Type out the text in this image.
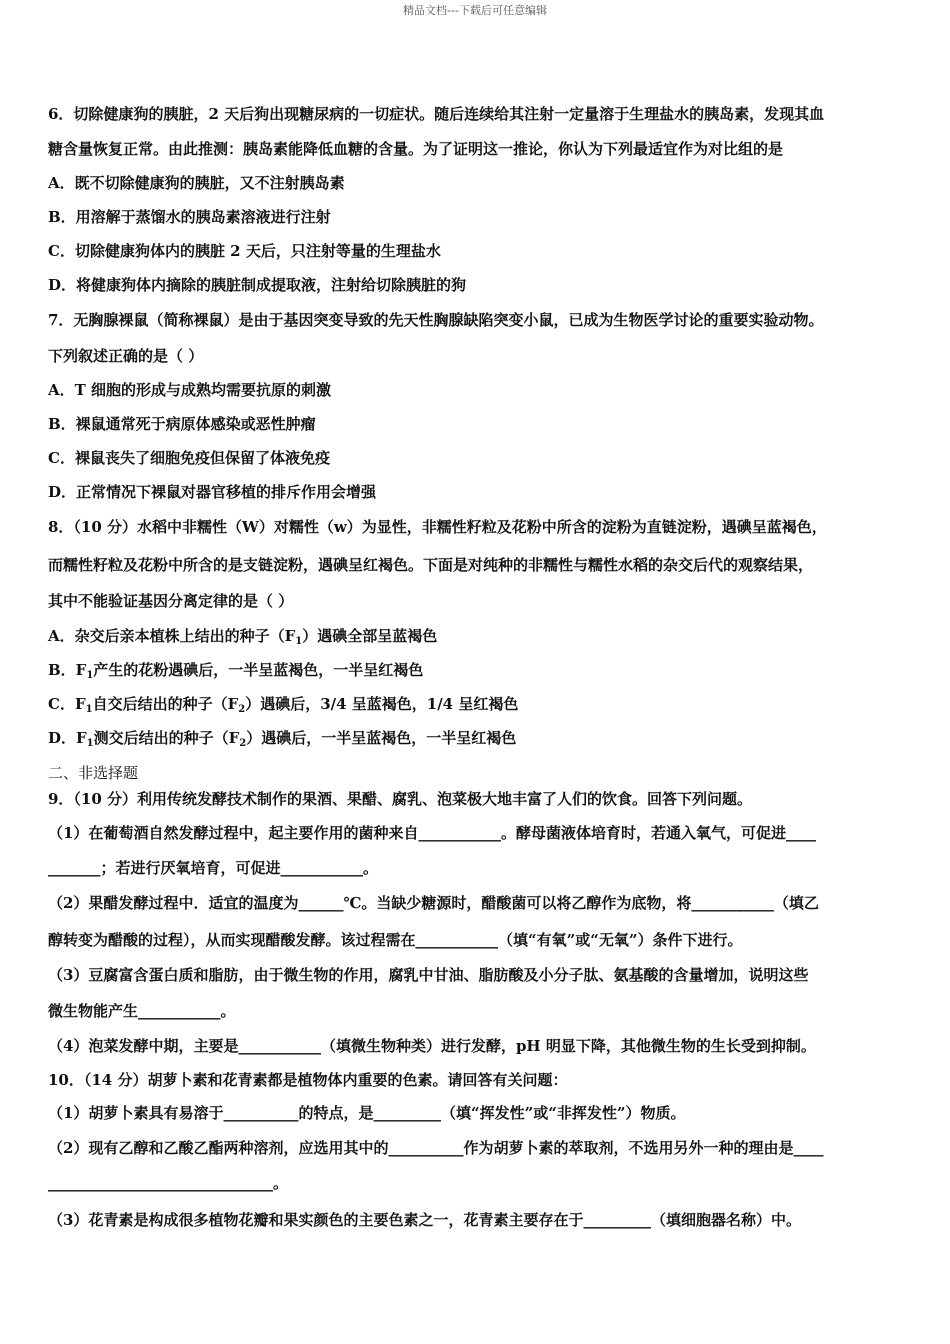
精品文档---下载后可任意编辑
6．切除健康狗的胰脏，2 天后狗出现糖尿病的一切症状。随后连续给其注射一定量溶于生理盐水的胰岛素，发现其血
糖含量恢复正常。由此推测：胰岛素能降低血糖的含量。为了证明这一推论，你认为下列最适宜作为对比组的是
A．既不切除健康狗的胰脏，又不注射胰岛素
B．用溶解于蒸馏水的胰岛素溶液进行注射
C．切除健康狗体内的胰脏 2 天后，只注射等量的生理盐水
D．将健康狗体内摘除的胰脏制成提取液，注射给切除胰脏的狗
7．无胸腺裸鼠（简称裸鼠）是由于基因突变导致的先天性胸腺缺陷突变小鼠，已成为生物医学讨论的重要实验动物。
下列叙述正确的是（ ）
A．T 细胞的形成与成熟均需要抗原的刺激
B．裸鼠通常死于病原体感染或恶性肿瘤
C．裸鼠丧失了细胞免疫但保留了体液免疫
D．正常情况下裸鼠对器官移植的排斥作用会增强
8．（10 分）水稻中非糯性（W）对糯性（w）为显性，非糯性籽粒及花粉中所含的淀粉为直链淀粉，遇碘呈蓝褐色，
而糯性籽粒及花粉中所含的是支链淀粉，遇碘呈红褐色。下面是对纯种的非糯性与糯性水稻的杂交后代的观察结果，
其中不能验证基因分离定律的是（ ）
A．杂交后亲本植株上结出的种子$(F_1)$遇碘全部呈蓝褐色
B．$F_1$产生的花粉遇碘后，一半呈蓝褐色，一半呈红褐色
C．$F_1$自交后结出的种子$(F_2)$遇碘后，3/4 呈蓝褐色，1/4 呈红褐色
D．$F_1$测交后结出的种子$(F_2)$遇碘后，一半呈蓝褐色，一半呈红褐色
二、非选择题
9．（10 分）利用传统发酵技术制作的果酒、果醋、腐乳、泡菜极大地丰富了人们的饮食。回答下列问题。
（1）在葡萄酒自然发酵过程中，起主要作用的菌种来自___________。酵母菌液体培育时，若通入氧气，可促进____
_______；若进行厌氧培育，可促进___________。
（2）果醋发酵过程中．适宜的温度为______℃。当缺少糖源时，醋酸菌可以将乙醇作为底物，将___________（填乙
醇转变为醋酸的过程），从而实现醋酸发酵。该过程需在___________（填“有氧”或“无氧”）条件下进行。
（3）豆腐富含蛋白质和脂肪，由于微生物的作用，腐乳中甘油、脂肪酸及小分子肽、氨基酸的含量增加，说明这些
微生物能产生___________。
（4）泡菜发酵中期，主要是___________（填微生物种类）进行发酵，pH 明显下降，其他微生物的生长受到抑制。
10．（14 分）胡萝卜素和花青素都是植物体内重要的色素。请回答有关问题：
（1）胡萝卜素具有易溶于__________的特点，是_________（填“挥发性”或“非挥发性”）物质。
（2）现有乙醇和乙酸乙酯两种溶剂，应选用其中的__________作为胡萝卜素的萃取剂，不选用另外一种的理由是____
______________________________。
（3）花青素是构成很多植物花瓣和果实颜色的主要色素之一，花青素主要存在于_________（填细胞器名称）中。
